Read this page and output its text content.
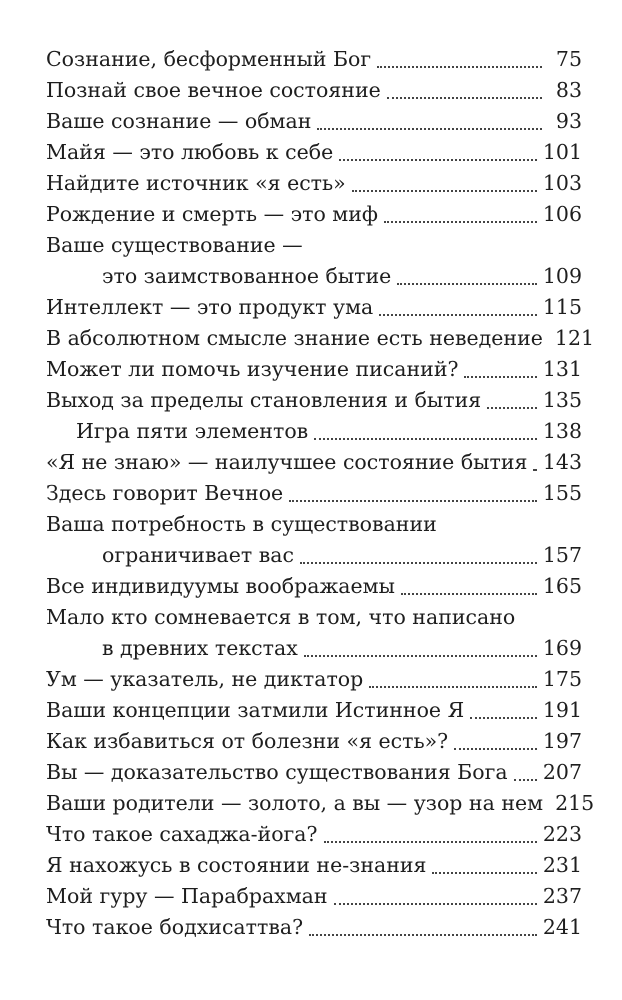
Сознание, бесформенный Бог	75
Познай свое вечное состояние	83
Ваше сознание — обман	93
Майя — это любовь к себе	101
Найдите источник «я есть»	103
Рождение и смерть — это миф	106
Ваше существование —
это заимствованное бытие	109
Интеллект — это продукт ума	115
В абсолютном смысле знание есть неведение 121
Может ли помочь изучение писаний?	131
Выход за пределы становления и бытия	135
Игра пяти элементов	138
«Я не знаю» — наилучшее состояние бытия 143
Здесь говорит Вечное	155
Ваша потребность в существовании
ограничивает вас	157
Все индивидуумы воображаемы	165
Мало кто сомневается в том, что написано
в древних текстах	169
Ум — указатель, не диктатор	175
Ваши концепции затмили Истинное Я	191
Как избавиться от болезни «я есть»?	197
Вы — доказательство существования Бога 207
Ваши родители — золото, а вы — узор на нем 215
Что такое сахаджа-йога?	223
Я нахожусь в состоянии не-знания	231
Мой гуру — Парабрахман	237
Что такое бодхисаттва?	241
